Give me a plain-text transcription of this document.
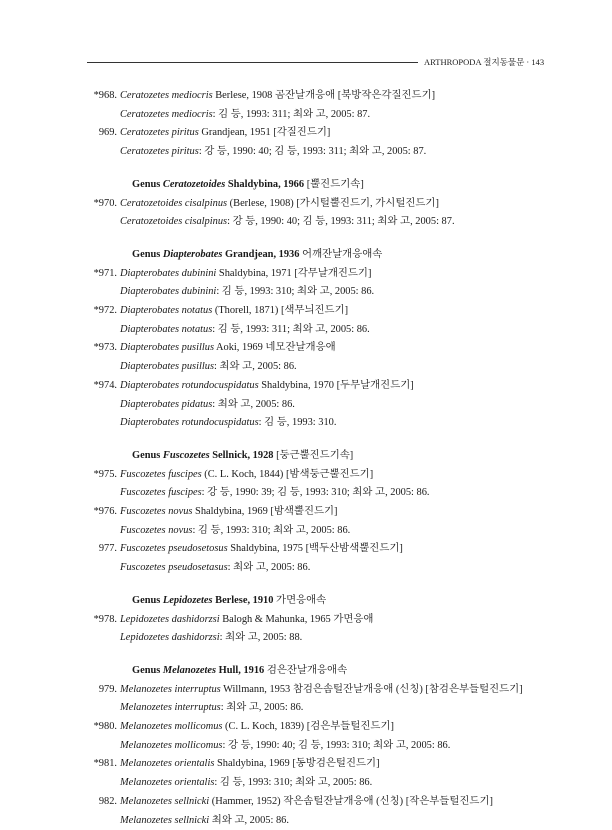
ARTHROPODA 절지동물문 · 143
Ceratozetes mediocris Berlese, 1908 곰잔날개응애 [북방작은각질진드기]
*968.
Ceratozetes mediocris: 김 등, 1993: 311; 최와 고, 2005: 87.
Ceratozetes piritus Grandjean, 1951 [각질진드기]
969.
Ceratozetes piritus: 강 등, 1990: 40; 김 등, 1993: 311; 최와 고, 2005: 87.
Genus Ceratozetoides Shaldybina, 1966 [뿔진드기속]
Ceratozetoides cisalpinus (Berlese, 1908) [가시털뿔진드기, 가시털진드기]
*970.
Ceratozetoides cisalpinus: 강 등, 1990: 40; 김 등, 1993: 311; 최와 고, 2005: 87.
Genus Diapterobates Grandjean, 1936 어깨잔날개응애속
Diapterobates dubinini Shaldybina, 1971 [각무날개진드기]
*971.
Diapterobates dubinini: 김 등, 1993: 310; 최와 고, 2005: 86.
Diapterobates notatus (Thorell, 1871) [색무늬진드기]
*972.
Diapterobates notatus: 김 등, 1993: 311; 최와 고, 2005: 86.
Diapterobates pusillus Aoki, 1969 네모잔날개응애
*973.
Diapterobates pusillus: 최와 고, 2005: 86.
Diapterobates rotundocuspidatus Shaldybina, 1970 [두무날개진드기]
*974.
Diapterobates pidatus: 최와 고, 2005: 86.
Diapterobates rotundocuspidatus: 김 등, 1993: 310.
Genus Fuscozetes Sellnick, 1928 [둥근뿔진드기속]
Fuscozetes fuscipes (C. L. Koch, 1844) [밤색둥근뿔진드기]
*975.
Fuscozetes fuscipes: 강 등, 1990: 39; 김 등, 1993: 310; 최와 고, 2005: 86.
Fuscozetes novus Shaldybina, 1969 [밤색뿔진드기]
*976.
Fuscozetes novus: 김 등, 1993: 310; 최와 고, 2005: 86.
Fuscozetes pseudosetosus Shaldybina, 1975 [백두산밤색뿔진드기]
977.
Fuscozetes pseudosetasus: 최와 고, 2005: 86.
Genus Lepidozetes Berlese, 1910 가면응애속
Lepidozetes dashidorzsi Balogh & Mahunka, 1965 가면응애
*978.
Lepidozetes dashidorzsi: 최와 고, 2005: 88.
Genus Melanozetes Hull, 1916 검은잔날개응애속
Melanozetes interruptus Willmann, 1953 참검은솜털잔날개응애 (신칭) [참검은부들털진드기]
979.
Melanozetes interruptus: 최와 고, 2005: 86.
Melanozetes mollicomus (C. L. Koch, 1839) [검은부들털진드기]
*980.
Melanozetes mollicomus: 강 등, 1990: 40; 김 등, 1993: 310; 최와 고, 2005: 86.
Melanozetes orientalis Shaldybina, 1969 [동방검은털진드기]
*981.
Melanozetes orientalis: 김 등, 1993: 310; 최와 고, 2005: 86.
Melanozetes sellnicki (Hammer, 1952) 작은솜털잔날개응애 (신칭) [작은부들털진드기]
982.
Melanozetes sellnicki 최와 고, 2005: 86.
